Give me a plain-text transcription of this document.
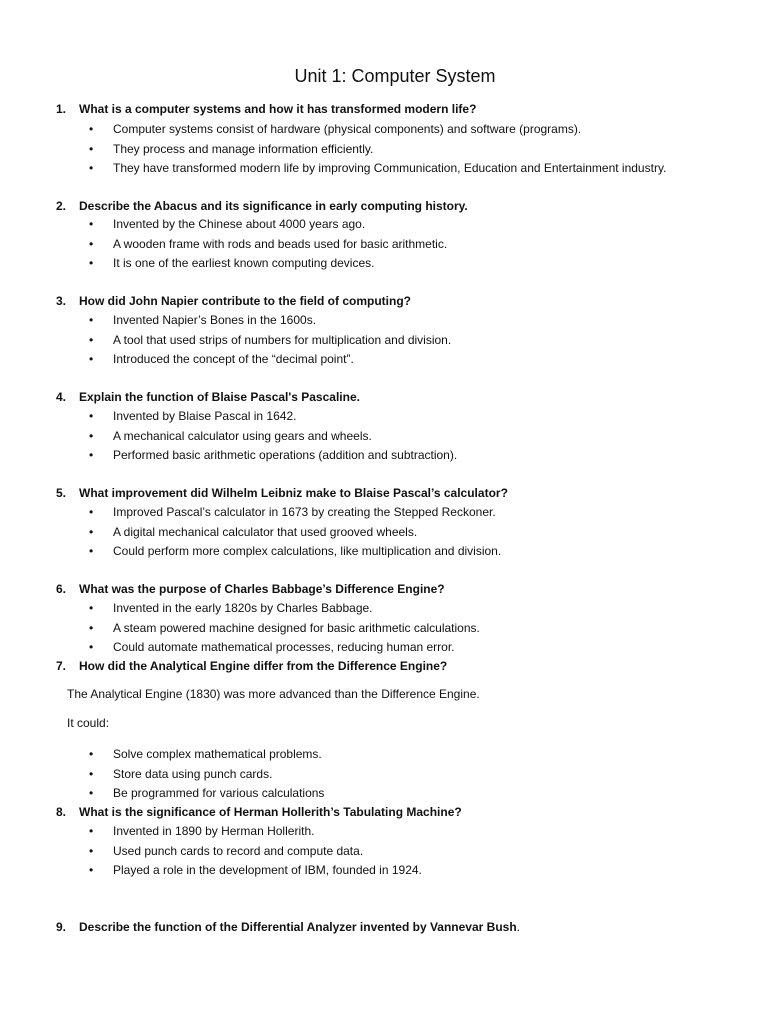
Unit 1: Computer System
1. What is a computer systems and how it has transformed modern life?
• Computer systems consist of hardware (physical components) and software (programs).
• They process and manage information efficiently.
• They have transformed modern life by improving Communication, Education and Entertainment industry.
2. Describe the Abacus and its significance in early computing history.
• Invented by the Chinese about 4000 years ago.
• A wooden frame with rods and beads used for basic arithmetic.
• It is one of the earliest known computing devices.
3. How did John Napier contribute to the field of computing?
• Invented Napier’s Bones in the 1600s.
• A tool that used strips of numbers for multiplication and division.
• Introduced the concept of the “decimal point”.
4. Explain the function of Blaise Pascal's Pascaline.
• Invented by Blaise Pascal in 1642.
• A mechanical calculator using gears and wheels.
• Performed basic arithmetic operations (addition and subtraction).
5. What improvement did Wilhelm Leibniz make to Blaise Pascal’s calculator?
• Improved Pascal’s calculator in 1673 by creating the Stepped Reckoner.
• A digital mechanical calculator that used grooved wheels.
• Could perform more complex calculations, like multiplication and division.
6. What was the purpose of Charles Babbage’s Difference Engine?
• Invented in the early 1820s by Charles Babbage.
• A steam powered machine designed for basic arithmetic calculations.
• Could automate mathematical processes, reducing human error.
7. How did the Analytical Engine differ from the Difference Engine?
The Analytical Engine (1830) was more advanced than the Difference Engine.
It could:
• Solve complex mathematical problems.
• Store data using punch cards.
• Be programmed for various calculations
8. What is the significance of Herman Hollerith’s Tabulating Machine?
• Invented in 1890 by Herman Hollerith.
• Used punch cards to record and compute data.
• Played a role in the development of IBM, founded in 1924.
9. Describe the function of the Differential Analyzer invented by Vannevar Bush.
